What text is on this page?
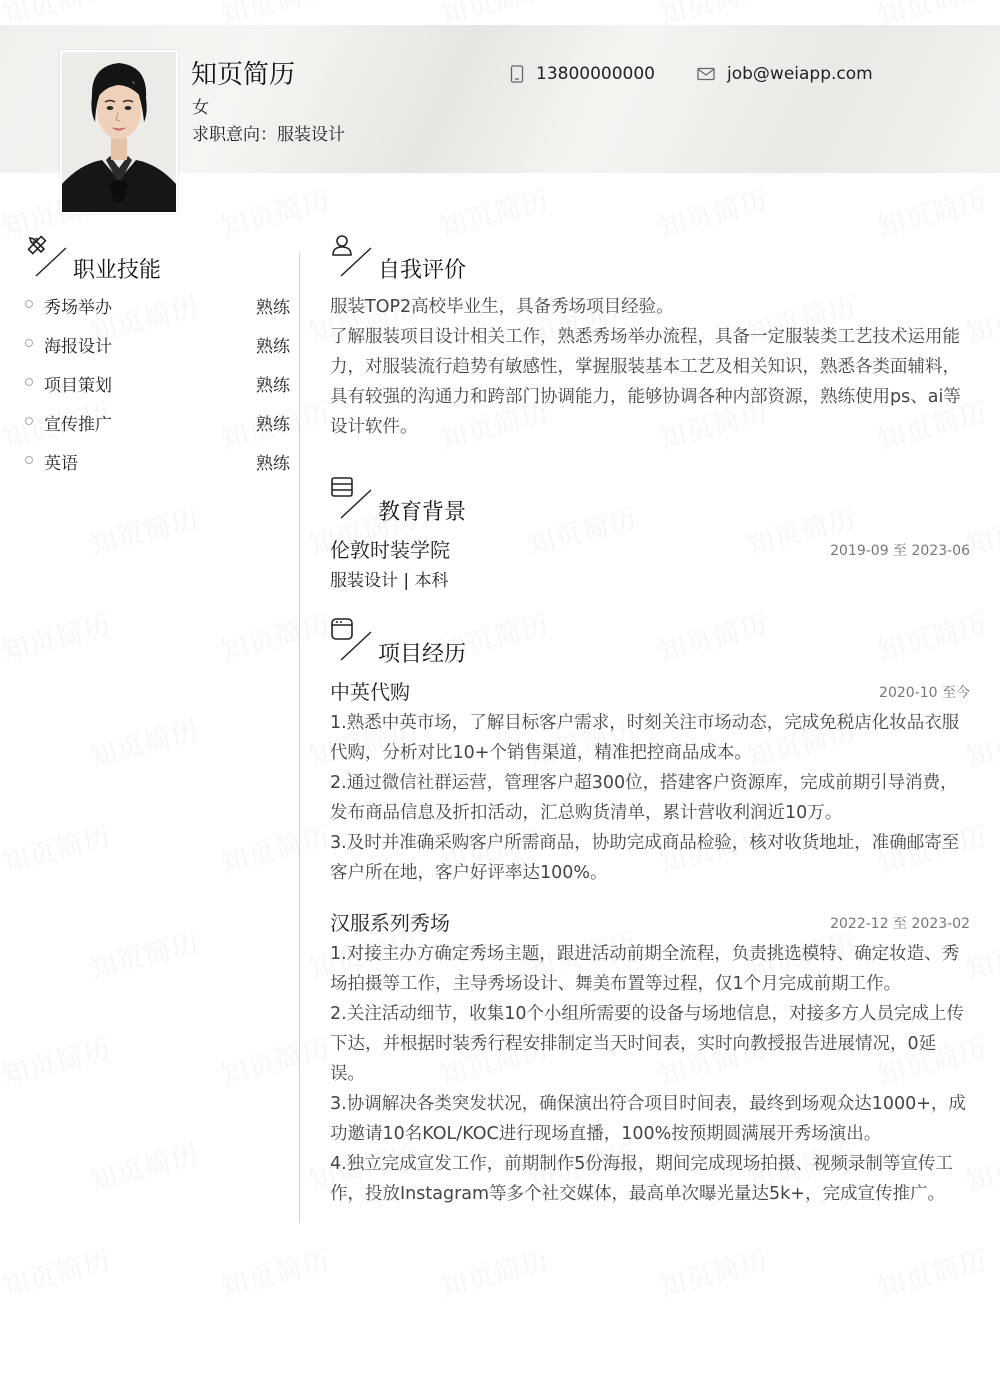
知页简历
女
求职意向：服装设计
13800000000	job@weiapp.com
职业技能
秀场举办	熟练
海报设计	熟练
项目策划	熟练
宣传推广	熟练
英语	熟练
自我评价

服装TOP2高校毕业生，具备秀场项目经验。

了解服装项目设计相关工作，熟悉秀场举办流程，具备一定服装类工艺技术运用能力，对服装流行趋势有敏感性，掌握服装基本工艺及相关知识，熟悉各类面辅料，具有较强的沟通力和跨部门协调能力，能够协调各种内部资源，熟练使用ps、ai等设计软件。

教育背景
伦敦时装学院	2019-09 至 2023-06
服装设计 | 本科
项目经历
中英代购	2020-10 至今

1.熟悉中英市场，了解目标客户需求，时刻关注市场动态，完成免税店化妆品衣服代购，分析对比10+个销售渠道，精准把控商品成本。

2.通过微信社群运营，管理客户超300位，搭建客户资源库，完成前期引导消费，发布商品信息及折扣活动，汇总购货清单，累计营收利润近10万。

3.及时并准确采购客户所需商品，协助完成商品检验，核对收货地址，准确邮寄至客户所在地，客户好评率达100%。

汉服系列秀场	2022-12 至 2023-02

1.对接主办方确定秀场主题，跟进活动前期全流程，负责挑选模特、确定妆造、秀场拍摄等工作，主导秀场设计、舞美布置等过程，仅1个月完成前期工作。

2.关注活动细节，收集10个小组所需要的设备与场地信息，对接多方人员完成上传下达，并根据时装秀行程安排制定当天时间表，实时向教授报告进展情况，0延误。

3.协调解决各类突发状况，确保演出符合项目时间表，最终到场观众达1000+，成功邀请10名KOL/KOC进行现场直播，100%按预期圆满展开秀场演出。

4.独立完成宣发工作，前期制作5份海报，期间完成现场拍摄、视频录制等宣传工作，投放Instagram等多个社交媒体，最高单次曝光量达5k+，完成宣传推广。
